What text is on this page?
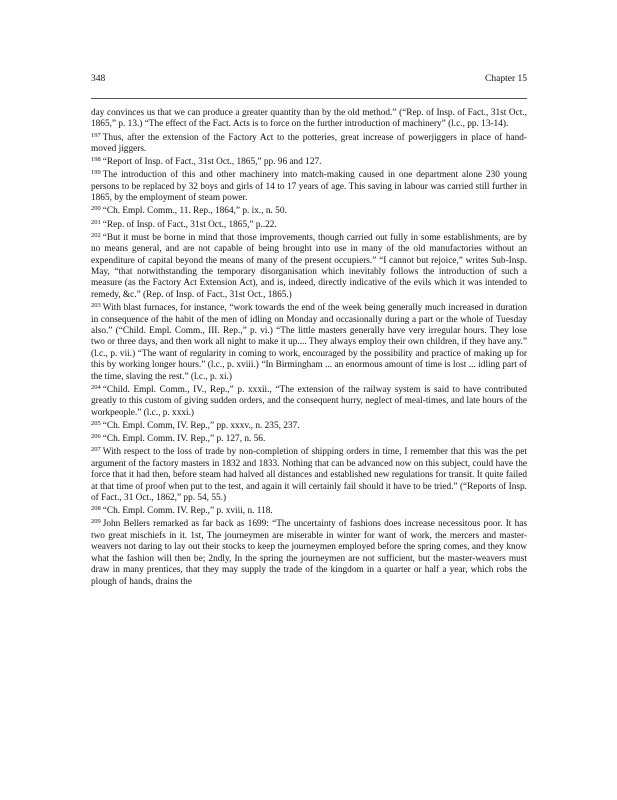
348	Chapter 15

day convinces us that we can produce a greater quantity than by the old method.” (“Rep. of Insp. of Fact., 31st Oct., 1865,” p. 13.) “The effect of the Fact. Acts is to force on the further introduction of machinery” (l.c., pp. 13-14).

$^{197}$ Thus, after the extension of the Factory Act to the potteries, great increase of powerjiggers in place of hand-moved jiggers.

$^{198}$ “Report of Insp. of Fact., 31st Oct., 1865,” pp. 96 and 127.

$^{199}$ The introduction of this and other machinery into match-making caused in one department alone 230 young persons to be replaced by 32 boys and girls of 14 to 17 years of age. This saving in labour was carried still further in 1865, by the employment of steam power.

$^{200}$ “Ch. Empl. Comm., 11. Rep., 1864,” p. ix., n. 50.

$^{201}$ “Rep. of Insp. of Fact., 31st Oct., 1865,” p..22.

$^{202}$ “But it must be borne in mind that those improvements, though carried out fully in some establishments, are by no means general, and are not capable of being brought into use in many of the old manufactories without an expenditure of capital beyond the means of many of the present occupiers.” “I cannot but rejoice,” writes Sub-Insp. May, “that notwithstanding the temporary disorganisation which inevitably follows the introduction of such a measure (as the Factory Act Extension Act), and is, indeed, directly indicative of the evils which it was intended to remedy, &c.” (Rep. of Insp. of Fact., 31st Oct., 1865.)

$^{203}$ With blast furnaces, for instance, “work towards the end of the week being generally much increased in duration in consequence of the habit of the men of idling on Monday and occasionally during a part or the whole of Tuesday also.” (“Child. Empl. Comm., III. Rep.,” p. vi.) “The little masters generally have very irregular hours. They lose two or three days, and then work all night to make it up.... They always employ their own children, if they have any.” (l.c., p. vii.) “The want of regularity in coming to work, encouraged by the possibility and practice of making up for this by working longer hours.” (l.c., p. xviii.) “In Birmingham ... an enormous amount of time is lost ... idling part of the time, slaving the rest.” (l.c., p. xi.)

$^{204}$ “Child. Empl. Comm., IV., Rep.,” p. xxxii., “The extension of the railway system is said to have contributed greatly to this custom of giving sudden orders, and the consequent hurry, neglect of meal-times, and late hours of the workpeople.” (l.c., p. xxxi.)

$^{205}$ “Ch. Empl. Comm, IV. Rep.,” pp. xxxv., n. 235, 237.

$^{206}$ “Ch. Empl. Comm. IV. Rep.,” p. 127, n. 56.

$^{207}$ With respect to the loss of trade by non-completion of shipping orders in time, I remember that this was the pet argument of the factory masters in 1832 and 1833. Nothing that can be advanced now on this subject, could have the force that it had then, before steam had halved all distances and established new regulations for transit. It quite failed at that time of proof when put to the test, and again it will certainly fail should it have to be tried.” (“Reports of Insp. of Fact., 31 Oct., 1862,” pp. 54, 55.)

$^{208}$ “Ch. Empl. Comm. IV. Rep.,” p. xviii, n. 118.

$^{209}$ John Bellers remarked as far back as 1699: “The uncertainty of fashions does increase necessitous poor. It has two great mischiefs in it. 1st, The journeymen are miserable in winter for want of work, the mercers and master-weavers not daring to lay out their stocks to keep the journeymen employed before the spring comes, and they know what the fashion will then be; 2ndly, In the spring the journeymen are not sufficient, but the master-weavers must draw in many prentices, that they may supply the trade of the kingdom in a quarter or half a year, which robs the plough of hands, drains the
